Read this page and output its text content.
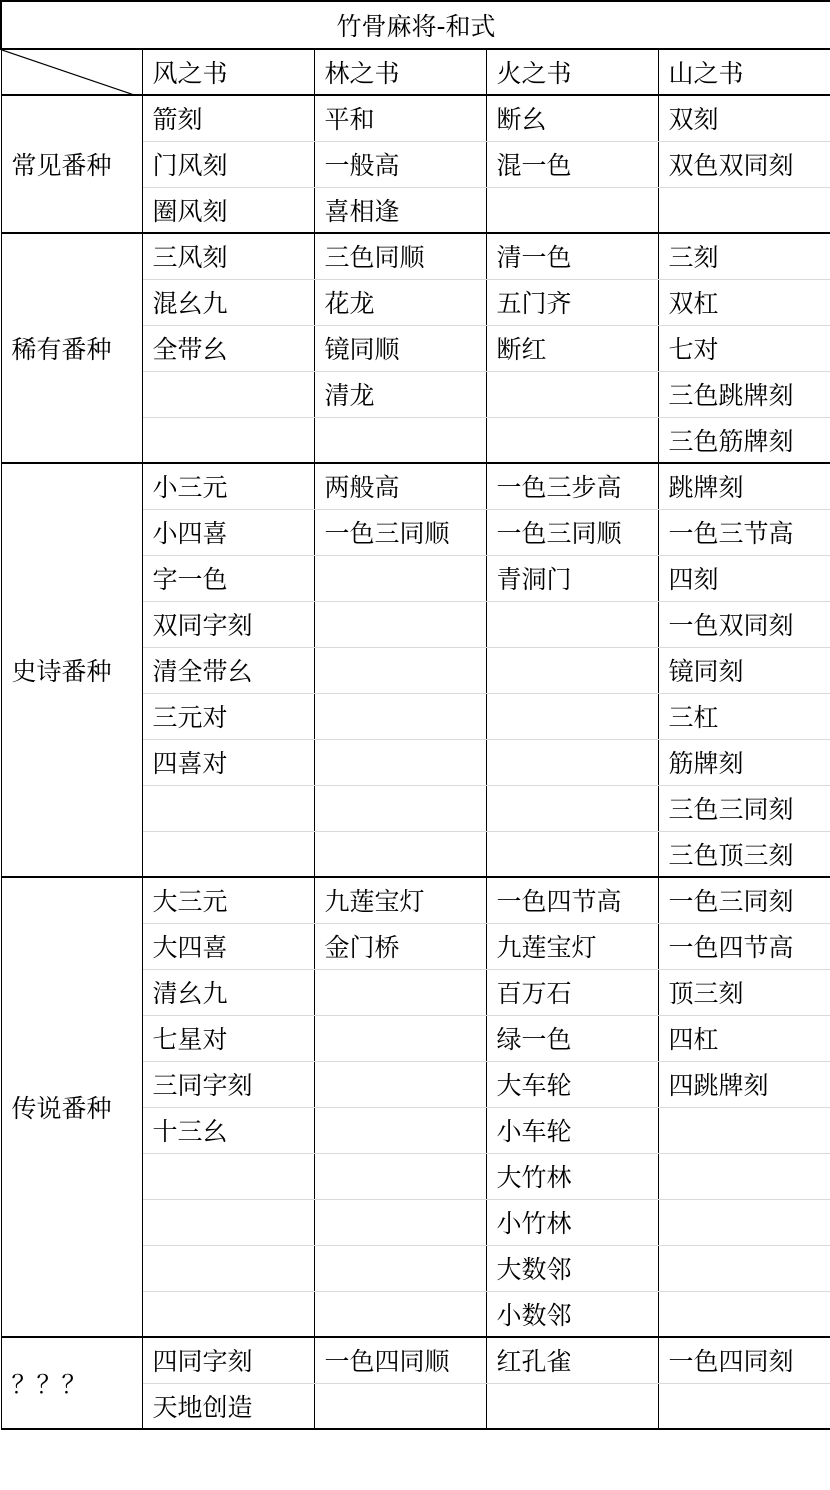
竹骨麻将-和式				

	风之书	林之书	火之书	山之书
常见番种	箭刻	平和	断幺	双刻
	门风刻	一般高	混一色	双色双同刻
	圈风刻	喜相逢		
稀有番种	三风刻	三色同顺	清一色	三刻
	混幺九	花龙	五门齐	双杠
	全带幺	镜同顺	断红	七对
		清龙		三色跳牌刻
				三色筋牌刻
史诗番种	小三元	两般高	一色三步高	跳牌刻
	小四喜	一色三同顺	一色三同顺	一色三节高
	字一色		青洞门	四刻
	双同字刻			一色双同刻
	清全带幺			镜同刻
	三元对			三杠
	四喜对			筋牌刻
				三色三同刻
				三色顶三刻
传说番种	大三元	九莲宝灯	一色四节高	一色三同刻
	大四喜	金门桥	九莲宝灯	一色四节高
	清幺九		百万石	顶三刻
	七星对		绿一色	四杠
	三同字刻		大车轮	四跳牌刻
	十三幺		小车轮	
			大竹林	
			小竹林	
			大数邻	
			小数邻	
？？？	四同字刻	一色四同顺	红孔雀	一色四同刻
	天地创造			
